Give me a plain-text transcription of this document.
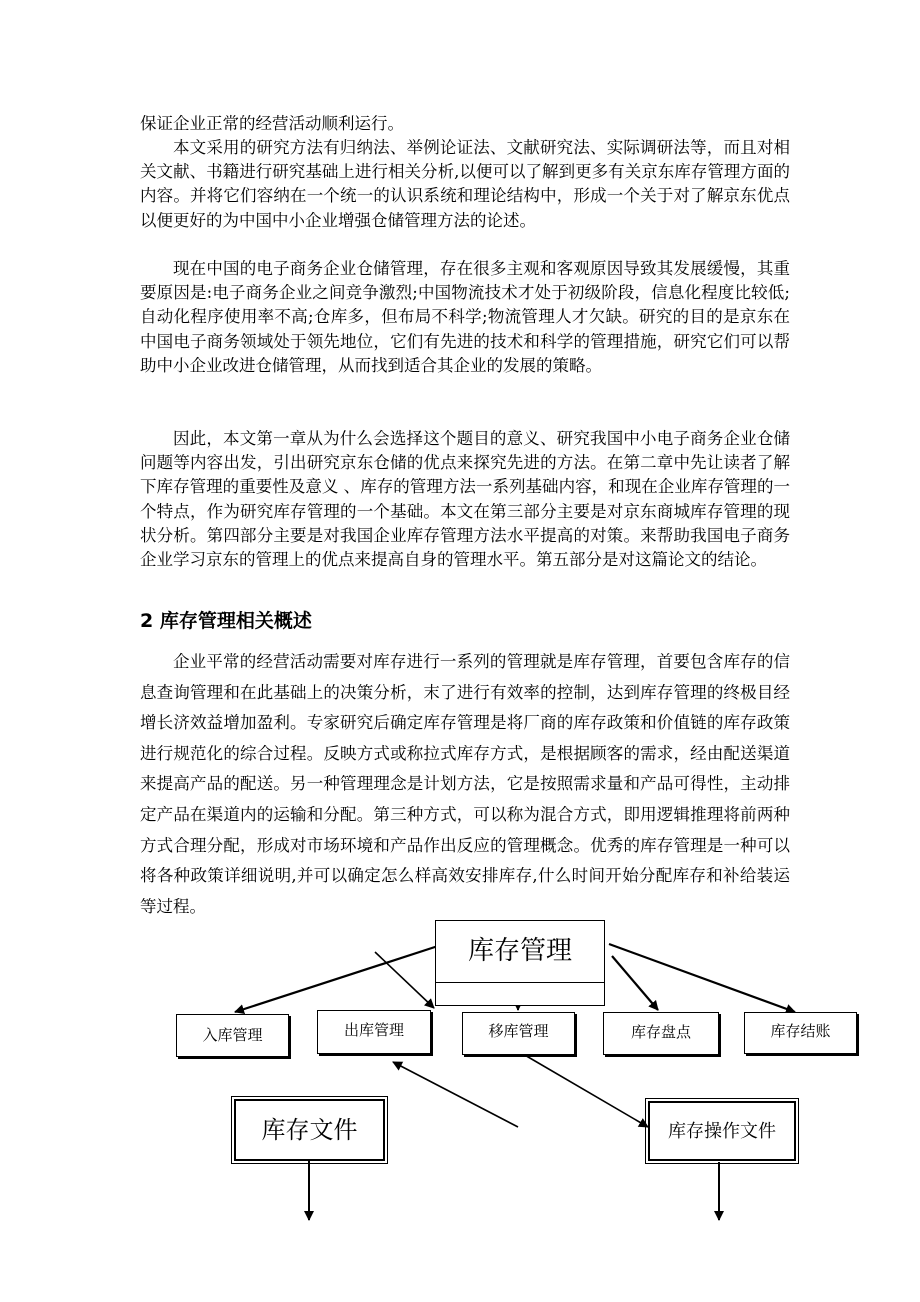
保证企业正常的经营活动顺利运行。

本文采用的研究方法有归纳法、举例论证法、文献研究法、实际调研法等，而且对相关文献、书籍进行研究基础上进行相关分析,以便可以了解到更多有关京东库存管理方面的内容。并将它们容纳在一个统一的认识系统和理论结构中，形成一个关于对了解京东优点以便更好的为中国中小企业增强仓储管理方法的论述。

现在中国的电子商务企业仓储管理，存在很多主观和客观原因导致其发展缓慢，其重要原因是:电子商务企业之间竞争激烈;中国物流技术才处于初级阶段，信息化程度比较低;自动化程序使用率不高;仓库多，但布局不科学;物流管理人才欠缺。研究的目的是京东在中国电子商务领域处于领先地位，它们有先进的技术和科学的管理措施，研究它们可以帮助中小企业改进仓储管理，从而找到适合其企业的发展的策略。

因此，本文第一章从为什么会选择这个题目的意义、研究我国中小电子商务企业仓储问题等内容出发，引出研究京东仓储的优点来探究先进的方法。在第二章中先让读者了解下库存管理的重要性及意义 、库存的管理方法一系列基础内容，和现在企业库存管理的一个特点，作为研究库存管理的一个基础。本文在第三部分主要是对京东商城库存管理的现状分析。第四部分主要是对我国企业库存管理方法水平提高的对策。来帮助我国电子商务企业学习京东的管理上的优点来提高自身的管理水平。第五部分是对这篇论文的结论。

2 库存管理相关概述

企业平常的经营活动需要对库存进行一系列的管理就是库存管理，首要包含库存的信息查询管理和在此基础上的决策分析，末了进行有效率的控制，达到库存管理的终极目经增长济效益增加盈利。专家研究后确定库存管理是将厂商的库存政策和价值链的库存政策进行规范化的综合过程。反映方式或称拉式库存方式，是根据顾客的需求，经由配送渠道来提高产品的配送。另一种管理理念是计划方法，它是按照需求量和产品可得性，主动排定产品在渠道内的运输和分配。第三种方式，可以称为混合方式，即用逻辑推理将前两种方式合理分配，形成对市场环境和产品作出反应的管理概念。优秀的库存管理是一种可以将各种政策详细说明,并可以确定怎么样高效安排库存,什么时间开始分配库存和补给装运等过程。

库存管理
入库管理	出库管理	移库管理	库存盘点	库存结账
库存文件	库存操作文件
